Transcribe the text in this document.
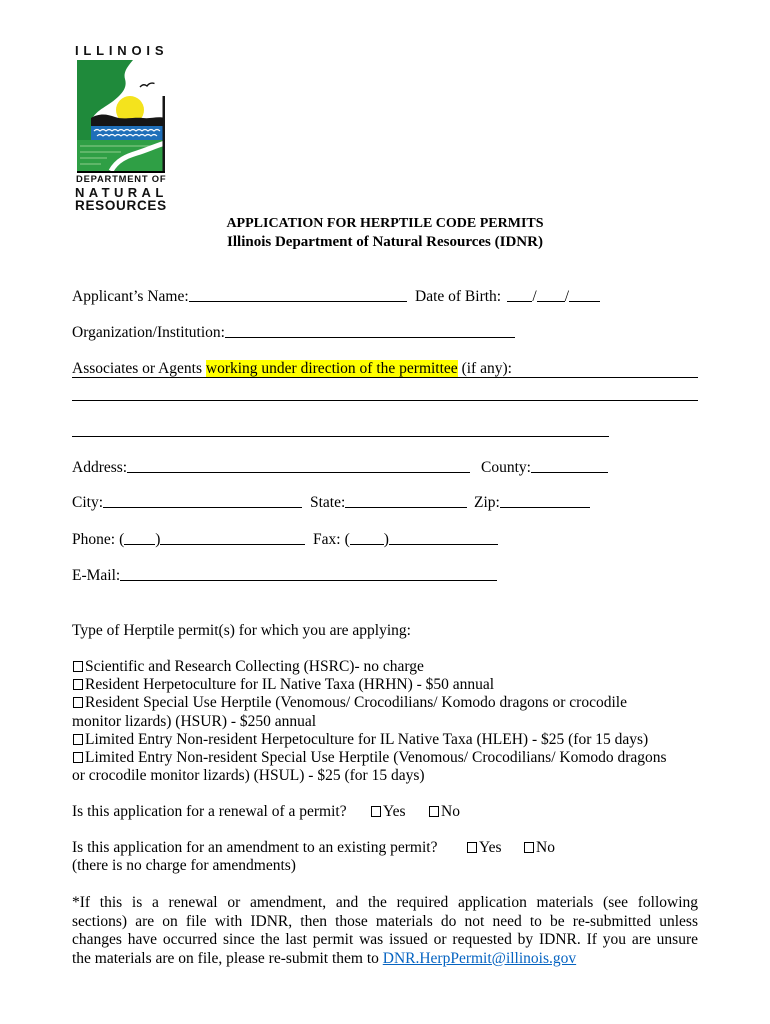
ILLINOIS
DEPARTMENT OF
NATURAL
RESOURCES
APPLICATION FOR HERPTILE CODE PERMITS
Illinois Department of Natural Resources (IDNR)
Applicant’s Name:	Date of Birth: / /
Organization/Institution:
Associates or Agents working under direction of the permittee (if any):
Address:	County:
City:	State:	Zip:
Phone: ( )	Fax: ( )
E-Mail:
Type of Herptile permit(s) for which you are applying:
Scientific and Research Collecting (HSRC)- no charge
Resident Herpetoculture for IL Native Taxa (HRHN) - $50 annual
Resident Special Use Herptile (Venomous/ Crocodilians/ Komodo dragons or crocodile
monitor lizards) (HSUR) - $250 annual
Limited Entry Non-resident Herpetoculture for IL Native Taxa (HLEH) - $25 (for 15 days)
Limited Entry Non-resident Special Use Herptile (Venomous/ Crocodilians/ Komodo dragons
or crocodile monitor lizards) (HSUL) - $25 (for 15 days)
Is this application for a renewal of a permit?	Yes	No
Is this application for an amendment to an existing permit?	Yes	No
(there is no charge for amendments)
*If this is a renewal or amendment, and the required application materials (see following
sections) are on file with IDNR, then those materials do not need to be re-submitted unless
changes have occurred since the last permit was issued or requested by IDNR. If you are unsure
the materials are on file, please re-submit them to DNR.HerpPermit@illinois.gov
